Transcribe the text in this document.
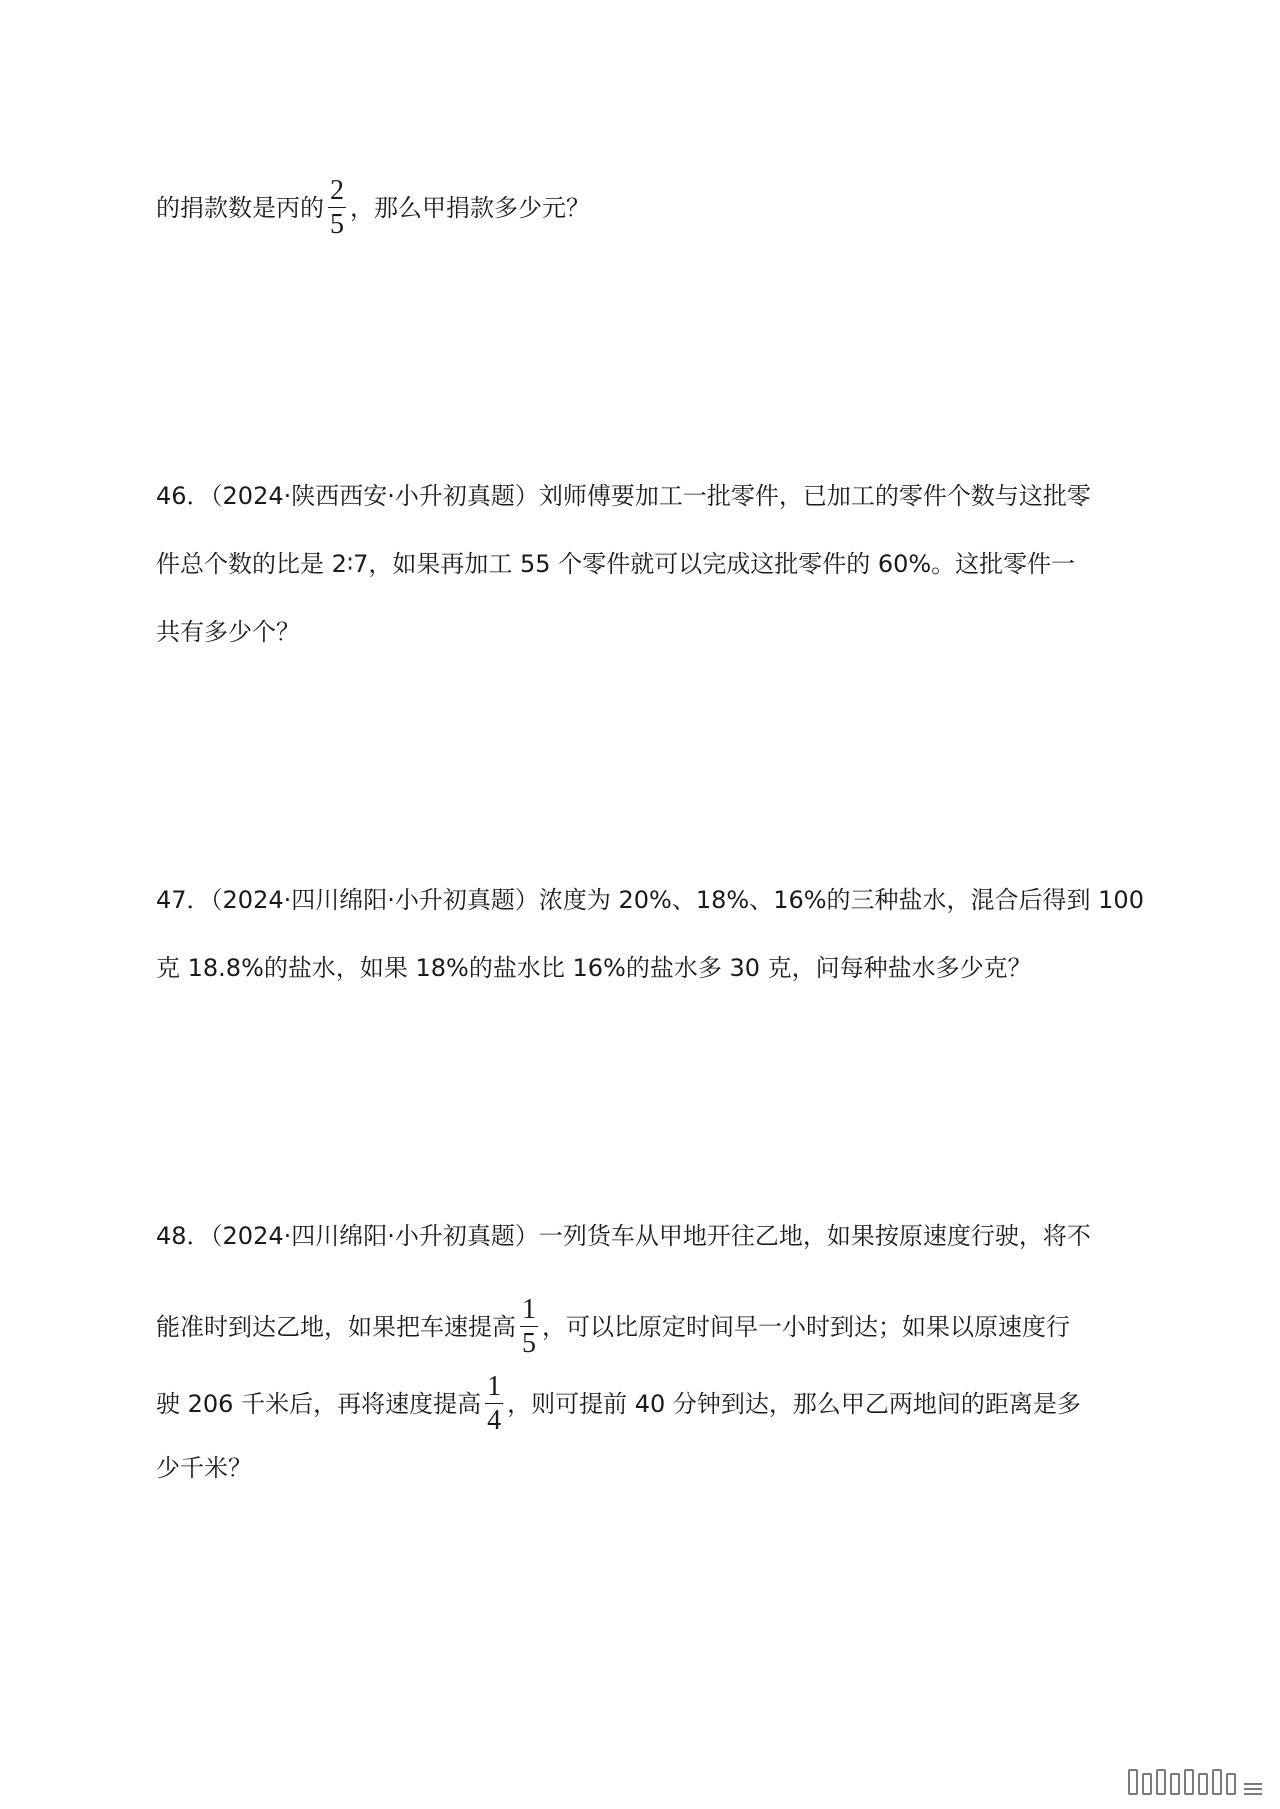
的捐款数是丙的 $\frac{2}{5}$ ，那么甲捐款多少元？
46．（2024·陕西西安·小升初真题）刘师傅要加工一批零件，已加工的零件个数与这批零
件总个数的比是 2∶7，如果再加工 55 个零件就可以完成这批零件的 60%。这批零件一
共有多少个？
47．（2024·四川绵阳·小升初真题）浓度为 20%、18%、16%的三种盐水，混合后得到 100
克 18.8%的盐水，如果 18%的盐水比 16%的盐水多 30 克，问每种盐水多少克？
48．（2024·四川绵阳·小升初真题）一列货车从甲地开往乙地，如果按原速度行驶，将不
能准时到达乙地，如果把车速提高 $\frac{1}{5}$ ，可以比原定时间早一小时到达；如果以原速度行
驶 206 千米后，再将速度提高 $\frac{1}{4}$ ，则可提前 40 分钟到达，那么甲乙两地间的距离是多
少千米？
